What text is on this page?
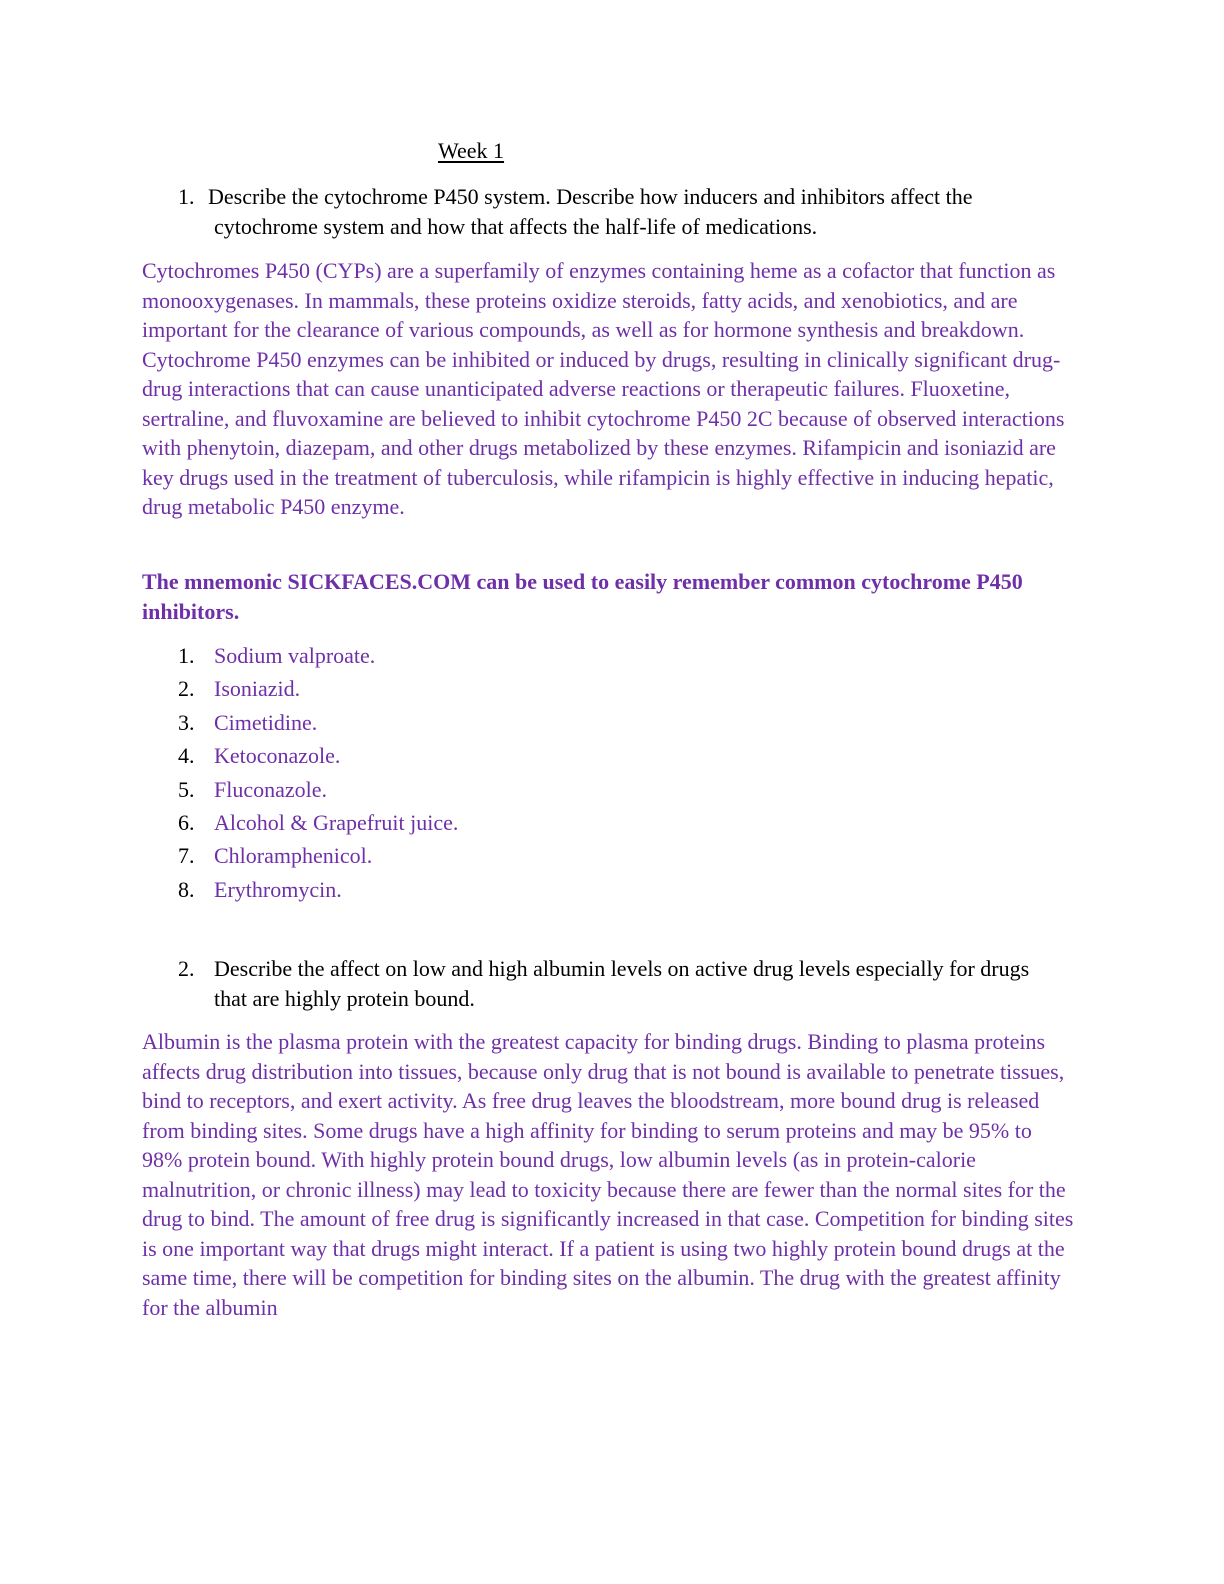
Week 1
1. Describe the cytochrome P450 system. Describe how inducers and inhibitors affect the cytochrome system and how that affects the half-life of medications.

Cytochromes P450 (CYPs) are a superfamily of enzymes containing heme as a cofactor that function as monooxygenases. In mammals, these proteins oxidize steroids, fatty acids, and xenobiotics, and are important for the clearance of various compounds, as well as for hormone synthesis and breakdown. Cytochrome P450 enzymes can be inhibited or induced by drugs, resulting in clinically significant drug-drug interactions that can cause unanticipated adverse reactions or therapeutic failures. Fluoxetine, sertraline, and fluvoxamine are believed to inhibit cytochrome P450 2C because of observed interactions with phenytoin, diazepam, and other drugs metabolized by these enzymes. Rifampicin and isoniazid are key drugs used in the treatment of tuberculosis, while rifampicin is highly effective in inducing hepatic, drug metabolic P450 enzyme.

The mnemonic SICKFACES.COM can be used to easily remember common cytochrome P450 inhibitors.
1. Sodium valproate.
2. Isoniazid.
3. Cimetidine.
4. Ketoconazole.
5. Fluconazole.
6. Alcohol & Grapefruit juice.
7. Chloramphenicol.
8. Erythromycin.
2. Describe the affect on low and high albumin levels on active drug levels especially for drugs that are highly protein bound.

Albumin is the plasma protein with the greatest capacity for binding drugs. Binding to plasma proteins affects drug distribution into tissues, because only drug that is not bound is available to penetrate tissues, bind to receptors, and exert activity. As free drug leaves the bloodstream, more bound drug is released from binding sites. Some drugs have a high affinity for binding to serum proteins and may be 95% to 98% protein bound. With highly protein bound drugs, low albumin levels (as in protein-calorie malnutrition, or chronic illness) may lead to toxicity because there are fewer than the normal sites for the drug to bind. The amount of free drug is significantly increased in that case. Competition for binding sites is one important way that drugs might interact. If a patient is using two highly protein bound drugs at the same time, there will be competition for binding sites on the albumin. The drug with the greatest affinity for the albumin
